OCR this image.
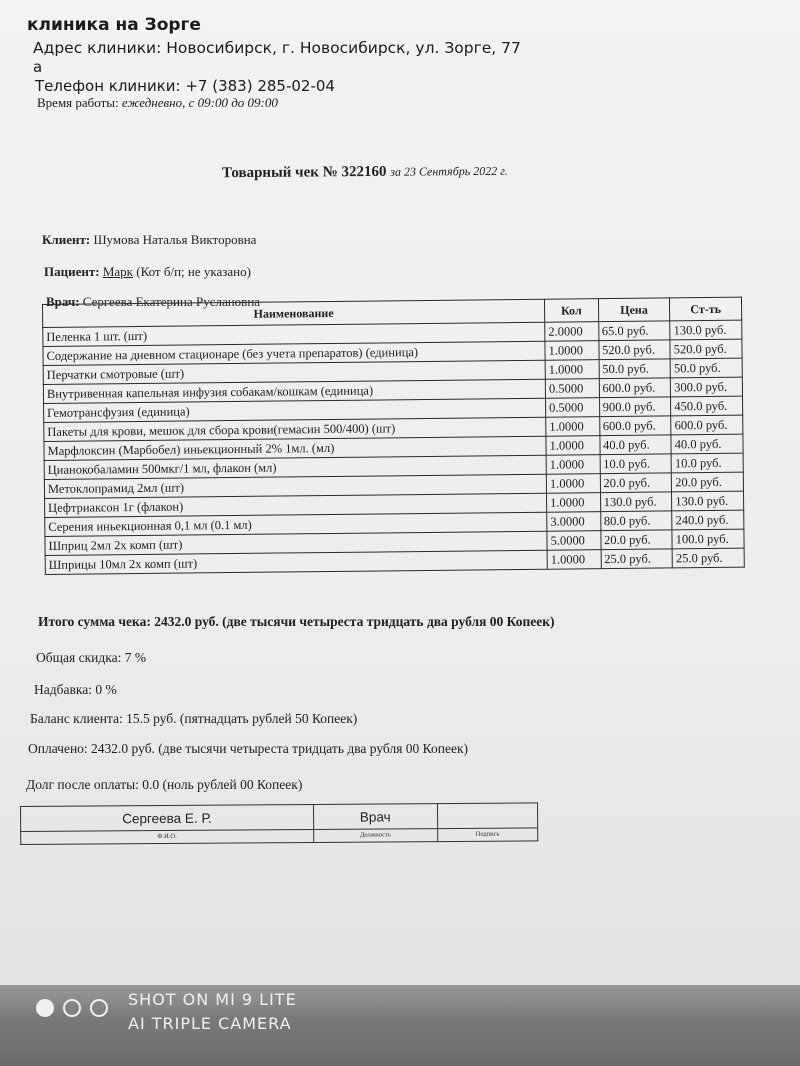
клиника на Зорге
Адрес клиники: Новосибирск, г. Новосибирск, ул. Зорге, 77
а
Телефон клиники: +7 (383) 285-02-04
Время работы: ежедневно, с 09:00 до 09:00
Товарный чек № 322160 за 23 Сентябрь 2022 г.
Клиент: Шумова Наталья Викторовна
Пациент: Марк (Кот б/п; не указано)
Врач: Сергеева Екатерина Руслановна
Наименование	Кол	Цена	Ст-ть
Пеленка 1 шт. (шт)	2.0000	65.0 руб.	130.0 руб.
Содержание на дневном стационаре (без учета препаратов) (единица)	1.0000	520.0 руб.	520.0 руб.
Перчатки смотровые (шт)	1.0000	50.0 руб.	50.0 руб.
Внутривенная капельная инфузия собакам/кошкам (единица)	0.5000	600.0 руб.	300.0 руб.
Гемотрансфузия (единица)	0.5000	900.0 руб.	450.0 руб.
Пакеты для крови, мешок для сбора крови(гемасин 500/400) (шт)	1.0000	600.0 руб.	600.0 руб.
Марфлоксин (Марбобел) иньекционный 2% 1мл. (мл)	1.0000	40.0 руб.	40.0 руб.
Цианокобаламин 500мкг/1 мл, флакон (мл)	1.0000	10.0 руб.	10.0 руб.
Метоклопрамид 2мл (шт)	1.0000	20.0 руб.	20.0 руб.
Цефтриаксон 1г (флакон)	1.0000	130.0 руб.	130.0 руб.
Серения иньекционная 0,1 мл (0.1 мл)	3.0000	80.0 руб.	240.0 руб.
Шприц 2мл 2х комп (шт)	5.0000	20.0 руб.	100.0 руб.
Шприцы 10мл 2х комп (шт)	1.0000	25.0 руб.	25.0 руб.
Итого сумма чека: 2432.0 руб. (две тысячи четыреста тридцать два рубля 00 Копеек)
Общая скидка: 7 %
Надбавка: 0 %
Баланс клиента: 15.5 руб. (пятнадцать рублей 50 Копеек)
Оплачено: 2432.0 руб. (две тысячи четыреста тридцать два рубля 00 Копеек)
Долг после оплаты: 0.0 (ноль рублей 00 Копеек)
Сергеева Е. Р.	Врач	
Ф.И.О.	Должность	Подпись
SHOT ON MI 9 LITE
AI TRIPLE CAMERA
